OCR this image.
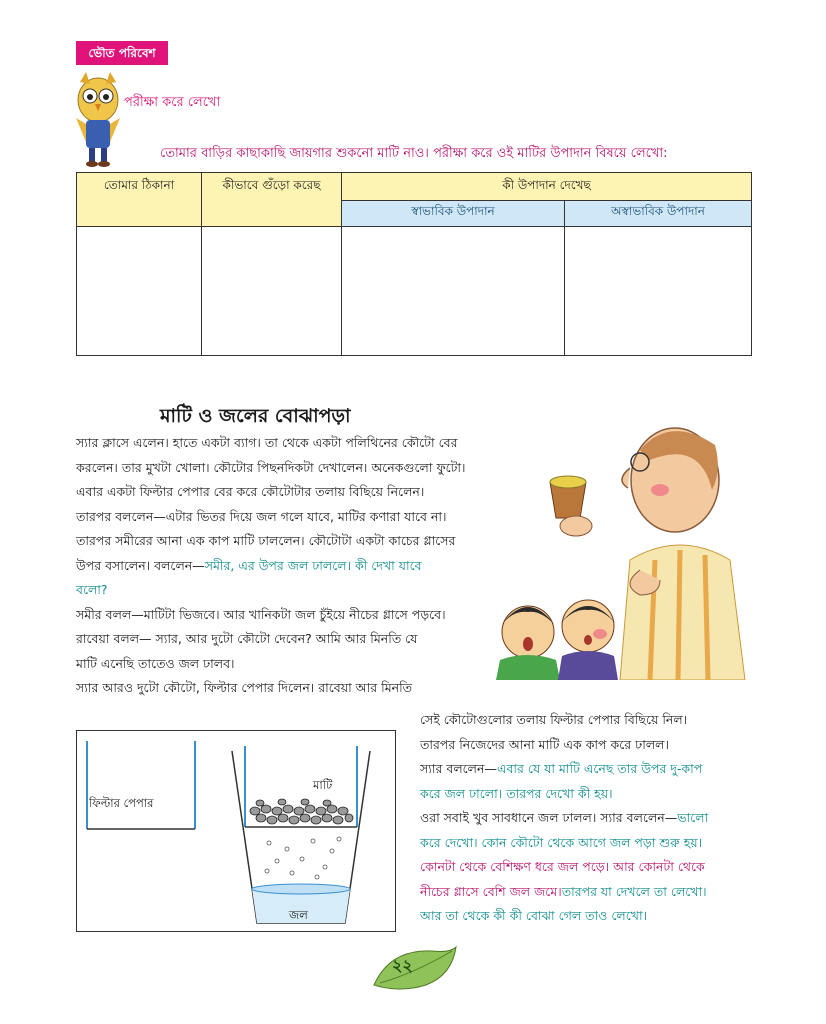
ভৌত পরিবেশ
পরীক্ষা করে লেখো
তোমার বাড়ির কাছাকাছি জায়গার শুকনো মাটি নাও। পরীক্ষা করে ওই মাটির উপাদান বিষয়ে লেখো:
তোমার ঠিকানা	কীভাবে গুঁড়ো করেছ	কী উপাদান দেখেছ	
		স্বাভাবিক উপাদান	অস্বাভাবিক উপাদান

মাটি ও জলের বোঝাপড়া
স্যার ক্লাসে এলেন। হাতে একটা ব্যাগ। তা থেকে একটা পলিথিনের কৌটো বের
করলেন। তার মুখটা খোলা। কৌটোর পিছনদিকটা দেখালেন। অনেকগুলো ফুটো।
এবার একটা ফিল্টার পেপার বের করে কৌটোটার তলায় বিছিয়ে নিলেন।
তারপর বললেন—এটার ভিতর দিয়ে জল গলে যাবে, মাটির কণারা যাবে না।
তারপর সমীরের আনা এক কাপ মাটি ঢাললেন। কৌটোটা একটা কাচের গ্লাসের
উপর বসালেন। বললেন—সমীর, এর উপর জল ঢাললে। কী দেখা যাবে
বলো?
সমীর বলল—মাটিটা ভিজবে। আর খানিকটা জল চুঁইয়ে নীচের গ্লাসে পড়বে।
রাবেয়া বলল— স্যার, আর দুটো কৌটো দেবেন? আমি আর মিনতি যে
মাটি এনেছি তাতেও জল ঢালব।
স্যার আরও দুটো কৌটো, ফিল্টার পেপার দিলেন। রাবেয়া আর মিনতি
সেই কৌটোগুলোর তলায় ফিল্টার পেপার বিছিয়ে নিল।
তারপর নিজেদের আনা মাটি এক কাপ করে ঢালল।
স্যার বললেন—এবার যে যা মাটি এনেছ তার উপর দু-কাপ
করে জল ঢালো। তারপর দেখো কী হয়।
ওরা সবাই খুব সাবধানে জল ঢালল। স্যার বললেন—ভালো
করে দেখো। কোন কৌটো থেকে আগে জল পড়া শুরু হয়।
কোনটা থেকে বেশিক্ষণ ধরে জল পড়ে। আর কোনটা থেকে
নীচের গ্লাসে বেশি জল জমে।তারপর যা দেখলে তা লেখো।
আর তা থেকে কী কী বোঝা গেল তাও লেখো।
ফিল্টার পেপার
মাটি
জল
২২
